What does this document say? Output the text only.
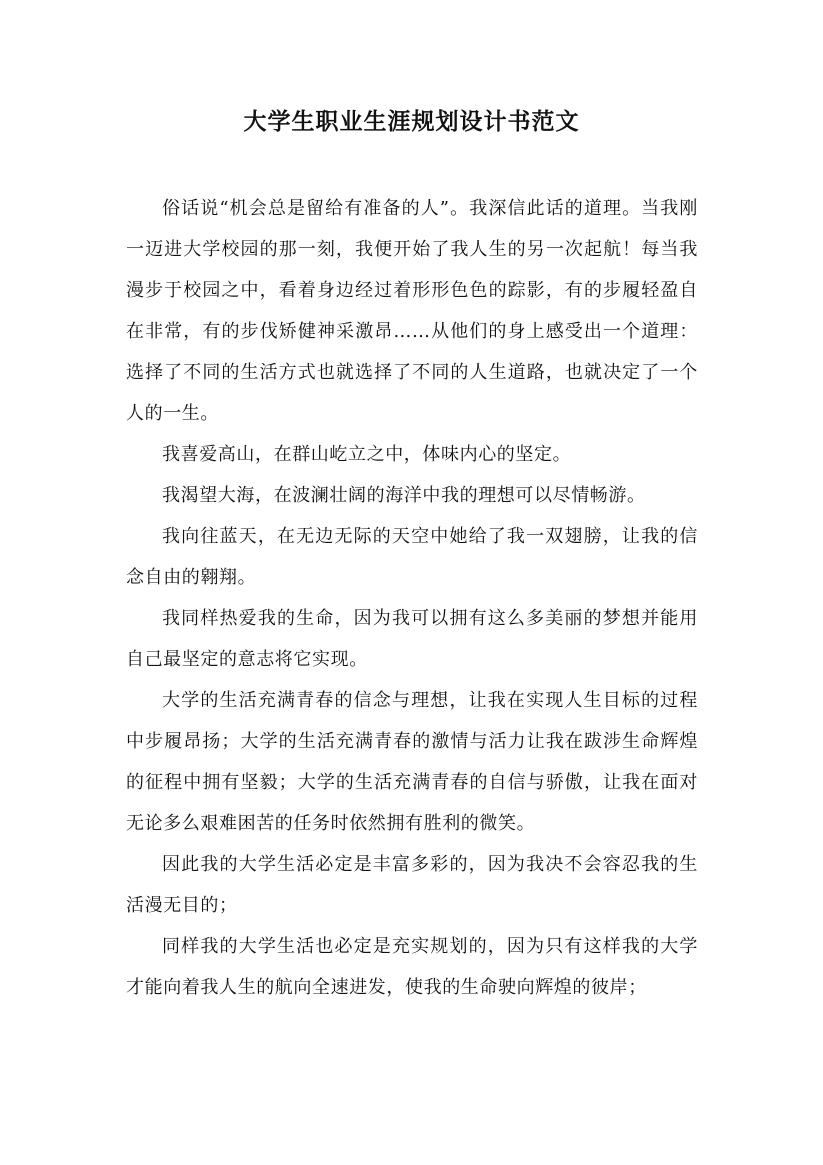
大学生职业生涯规划设计书范文

俗话说“机会总是留给有准备的人”。我深信此话的道理。当我刚一迈进大学校园的那一刻，我便开始了我人生的另一次起航！每当我漫步于校园之中，看着身边经过着形形色色的踪影，有的步履轻盈自在非常，有的步伐矫健神采激昂……从他们的身上感受出一个道理：选择了不同的生活方式也就选择了不同的人生道路，也就决定了一个人的一生。

我喜爱高山，在群山屹立之中，体味内心的坚定。

我渴望大海，在波澜壮阔的海洋中我的理想可以尽情畅游。

我向往蓝天，在无边无际的天空中她给了我一双翅膀，让我的信念自由的翱翔。

我同样热爱我的生命，因为我可以拥有这么多美丽的梦想并能用自己最坚定的意志将它实现。

大学的生活充满青春的信念与理想，让我在实现人生目标的过程中步履昂扬；大学的生活充满青春的激情与活力让我在跋涉生命辉煌的征程中拥有坚毅；大学的生活充满青春的自信与骄傲，让我在面对无论多么艰难困苦的任务时依然拥有胜利的微笑。

因此我的大学生活必定是丰富多彩的，因为我决不会容忍我的生活漫无目的；

同样我的大学生活也必定是充实规划的，因为只有这样我的大学才能向着我人生的航向全速进发，使我的生命驶向辉煌的彼岸；
